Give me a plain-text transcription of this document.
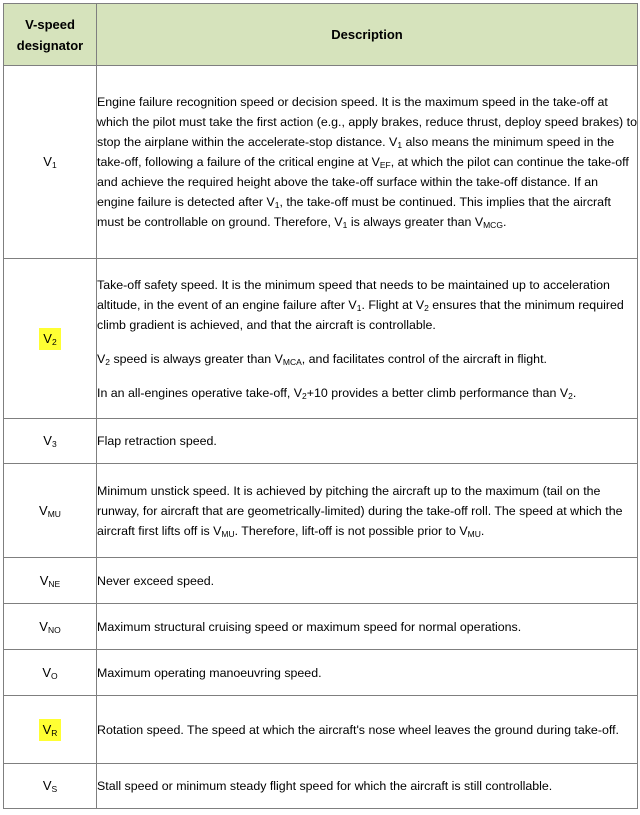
V-speed
designator	Description
$V_1$	Engine failure recognition speed or decision speed. It is the maximum speed in the take-off at which the pilot must take the first action (e.g., apply brakes, reduce thrust, deploy speed brakes) to stop the airplane within the accelerate-stop distance. $V_1$ also means the minimum speed in the take-off, following a failure of the critical engine at $V_{EF}$, at which the pilot can continue the take-off and achieve the required height above the take-off surface within the take-off distance. If an engine failure is detected after $V_1$, the take-off must be continued. This implies that the aircraft must be controllable on ground. Therefore, $V_1$ is always greater than $V_{MCG}$.

$V_2$	Take-off safety speed. It is the minimum speed that needs to be maintained up to acceleration altitude, in the event of an engine failure after $V_1$. Flight at $V_2$ ensures that the minimum required climb gradient is achieved, and that the aircraft is controllable.

$V_2$ speed is always greater than $V_{MCA}$, and facilitates control of the aircraft in flight.

In an all-engines operative take-off, $V_2+10$ provides a better climb performance than $V_2$.

$V_3$	Flap retraction speed.

$V_{MU}$	Minimum unstick speed. It is achieved by pitching the aircraft up to the maximum (tail on the runway, for aircraft that are geometrically-limited) during the take-off roll. The speed at which the aircraft first lifts off is $V_{MU}$. Therefore, lift-off is not possible prior to $V_{MU}$.

$V_{NE}$	Never exceed speed.

$V_{NO}$	Maximum structural cruising speed or maximum speed for normal operations.

$V_O$	Maximum operating manoeuvring speed.

$V_R$	Rotation speed. The speed at which the aircraft's nose wheel leaves the ground during take-off.

$V_S$	Stall speed or minimum steady flight speed for which the aircraft is still controllable.
